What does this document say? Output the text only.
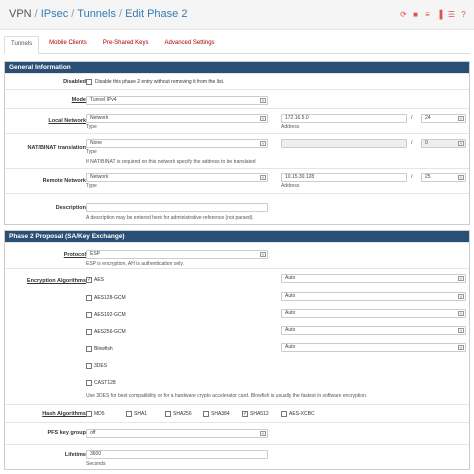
VPN / IPsec / Tunnels / Edit Phase 2	⟳ ■ ≡ ▐ ☰ ?
Tunnels	Mobile Clients	Pre-Shared Keys	Advanced Settings
General Information
Disabled Disable this phase 2 entry without removing it from the list.
Mode Tunnel IPv4	˅
Local Network Network	˅
Type
172.16.5.0	/	24	˅
Address
NAT/BINAT translation
None	˅
Type
/	0	˅
If NAT/BINAT is required on this network specify the address to be translated
Remote Network
Network	˅
Type
10.15.30.128	/	25	˅
Address
Description
A description may be entered here for administrative reference (not parsed).
Phase 2 Proposal (SA/Key Exchange)
Protocol ESP	˅
ESP is encryption, AH is authentication only.
Encryption Algorithms ✓ AES	Auto	˅
AES128-GCM	Auto	˅
AES192-GCM	Auto	˅
AES256-GCM	Auto	˅
Blowfish	Auto	˅
3DES
CAST128
Use 3DES for best compatibility or for a hardware crypto accelerator card. Blowfish is usually the fastest in software encryption.
Hash Algorithms MD5	SHA1	SHA256	SHA384	✓ SHA512	AES-XCBC
PFS key group off	˅
Lifetime 3600
Seconds
